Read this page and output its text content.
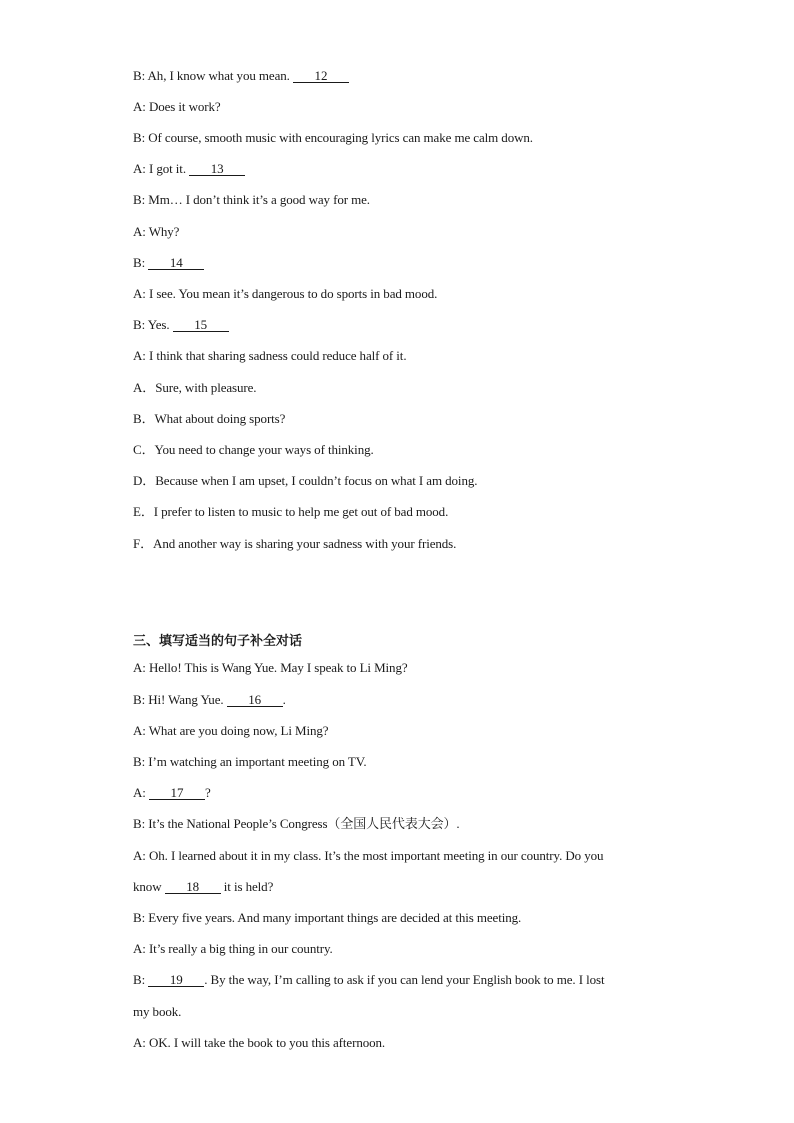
B: Ah, I know what you mean. 12
A: Does it work?
B: Of course, smooth music with encouraging lyrics can make me calm down.
A: I got it. 13
B: Mm… I don’t think it’s a good way for me.
A: Why?
B: 14
A: I see. You mean it’s dangerous to do sports in bad mood.
B: Yes. 15
A: I think that sharing sadness could reduce half of it.
A．Sure, with pleasure.
B．What about doing sports?
C．You need to change your ways of thinking.
D．Because when I am upset, I couldn’t focus on what I am doing.
E．I prefer to listen to music to help me get out of bad mood.
F．And another way is sharing your sadness with your friends.
三、填写适当的句子补全对话
A: Hello! This is Wang Yue. May I speak to Li Ming?
B: Hi! Wang Yue. 16 .
A: What are you doing now, Li Ming?
B: I’m watching an important meeting on TV.
A: 17 ?
B: It’s the National People’s Congress（全国人民代表大会）.
A: Oh. I learned about it in my class. It’s the most important meeting in our country. Do you
know 18 it is held?
B: Every five years. And many important things are decided at this meeting.
A: It’s really a big thing in our country.
B: 19 . By the way, I’m calling to ask if you can lend your English book to me. I lost
my book.
A: OK. I will take the book to you this afternoon.
